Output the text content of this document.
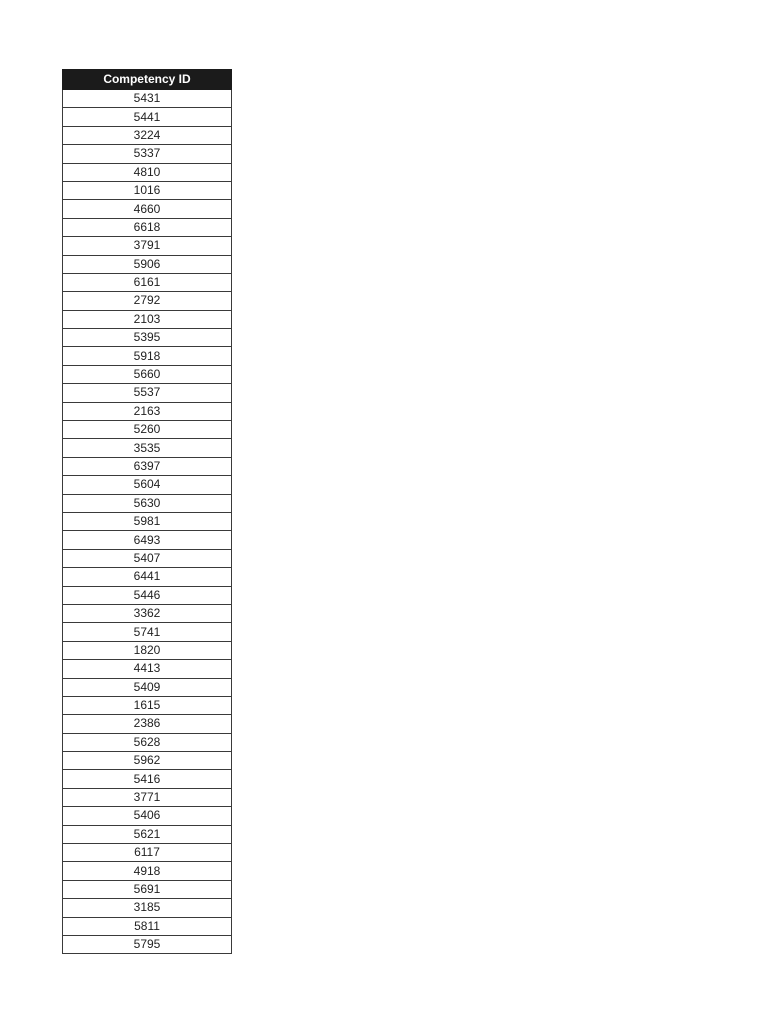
Competency ID
5431
5441
3224
5337
4810
1016
4660
6618
3791
5906
6161
2792
2103
5395
5918
5660
5537
2163
5260
3535
6397
5604
5630
5981
6493
5407
6441
5446
3362
5741
1820
4413
5409
1615
2386
5628
5962
5416
3771
5406
5621
6117
4918
5691
3185
5811
5795
